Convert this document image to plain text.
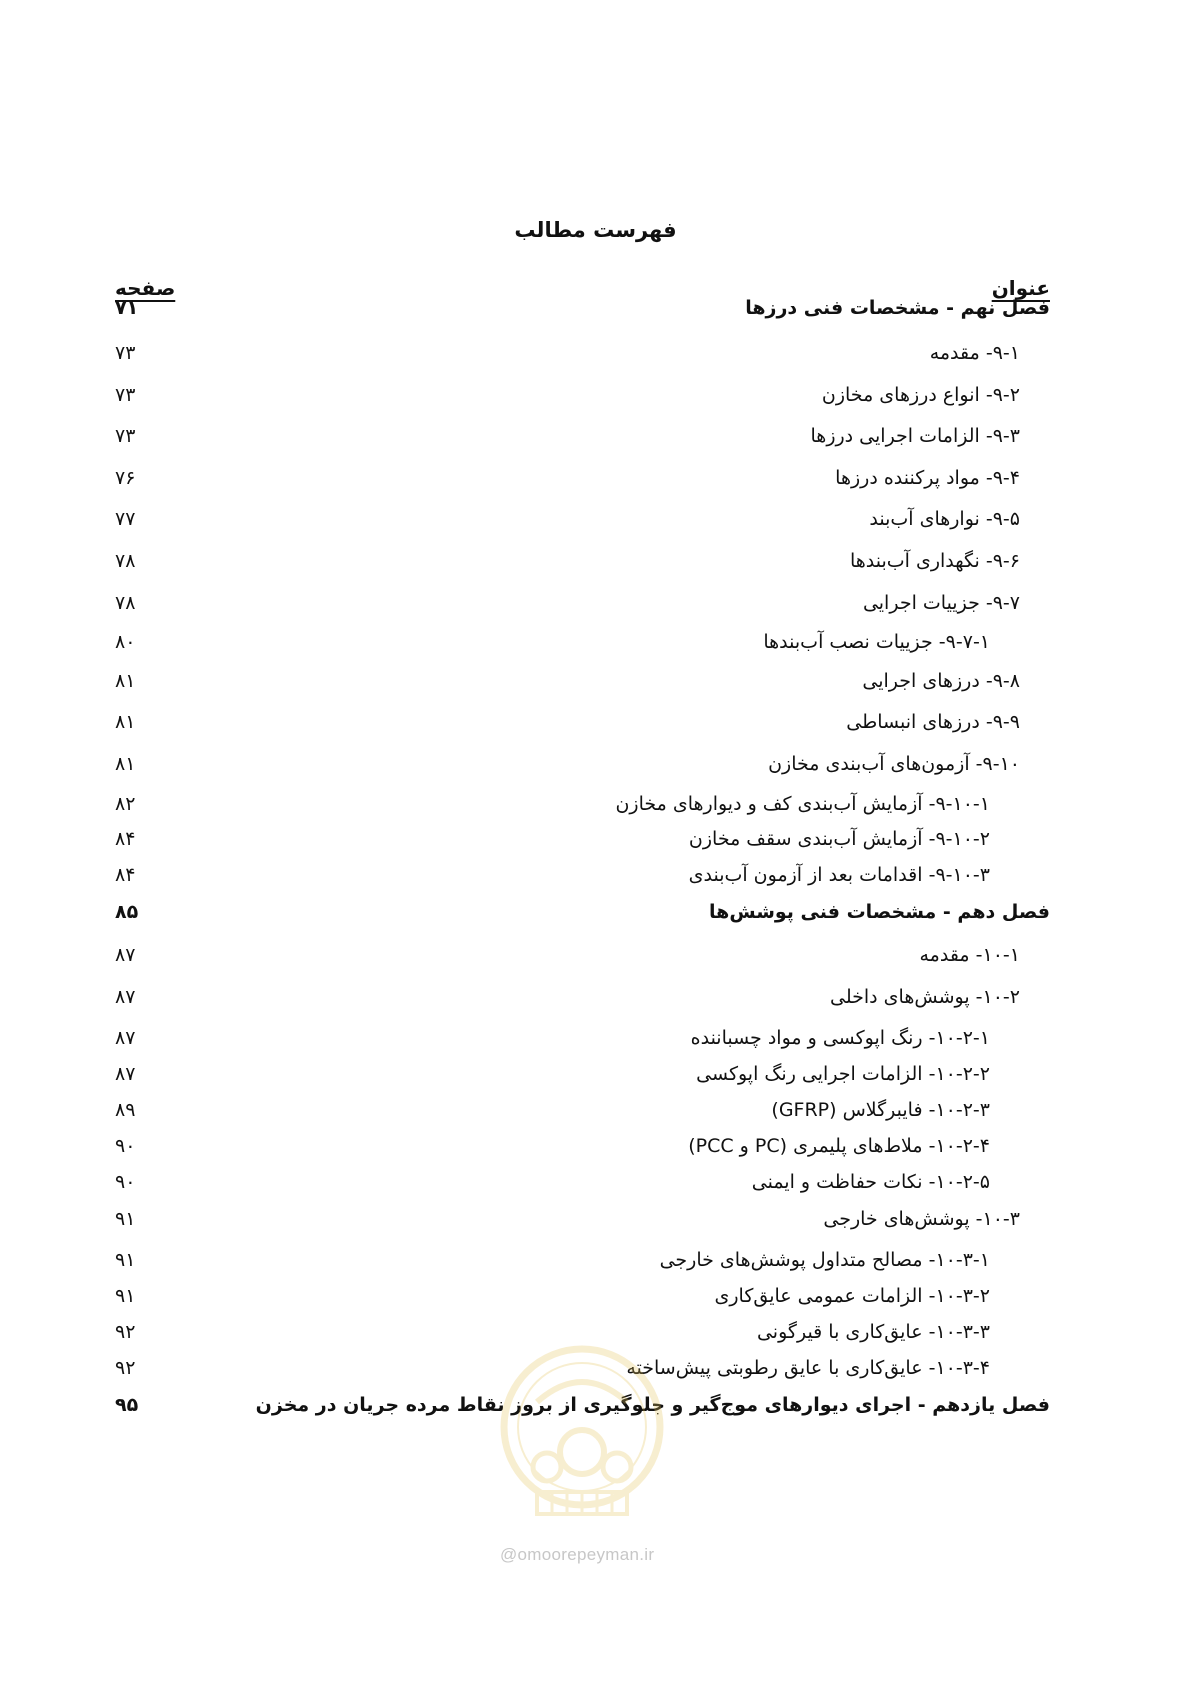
فهرست مطالب
عنوان
صفحه
فصل نهم - مشخصات فنی درزها
۷۱
۹-۱- مقدمه
۷۳
۹-۲- انواع درزهای مخازن
۷۳
۹-۳- الزامات اجرایی درزها
۷۳
۹-۴- مواد پرکننده درزها
۷۶
۹-۵- نوارهای آب‌بند
۷۷
۹-۶- نگهداری آب‌بندها
۷۸
۹-۷- جزییات اجرایی
۷۸
۹-۷-۱- جزییات نصب آب‌بندها
۸۰
۹-۸- درزهای اجرایی
۸۱
۹-۹- درزهای انبساطی
۸۱
۹-۱۰- آزمون‌های آب‌بندی مخازن
۸۱
۹-۱۰-۱- آزمایش آب‌بندی کف و دیوارهای مخازن
۸۲
۹-۱۰-۲- آزمایش آب‌بندی سقف مخازن
۸۴
۹-۱۰-۳- اقدامات بعد از آزمون آب‌بندی
۸۴
فصل دهم - مشخصات فنی پوشش‌ها
۸۵
۱۰-۱- مقدمه
۸۷
۱۰-۲- پوشش‌های داخلی
۸۷
۱۰-۲-۱- رنگ اپوکسی و مواد چسباننده
۸۷
۱۰-۲-۲- الزامات اجرایی رنگ اپوکسی
۸۷
۱۰-۲-۳- فایبرگلاس (GFRP)
۸۹
۱۰-۲-۴- ملاط‌های پلیمری (PC و PCC)
۹۰
۱۰-۲-۵- نکات حفاظت و ایمنی
۹۰
۱۰-۳- پوشش‌های خارجی
۹۱
۱۰-۳-۱- مصالح متداول پوشش‌های خارجی
۹۱
۱۰-۳-۲- الزامات عمومی عایق‌کاری
۹۱
۱۰-۳-۳- عایق‌کاری با قیرگونی
۹۲
۱۰-۳-۴- عایق‌کاری با عایق رطوبتی پیش‌ساخته
۹۲
فصل یازدهم - اجرای دیوارهای موج‌گیر و جلوگیری از بروز نقاط مرده جریان در مخزن
۹۵
@omoorepeyman.ir
